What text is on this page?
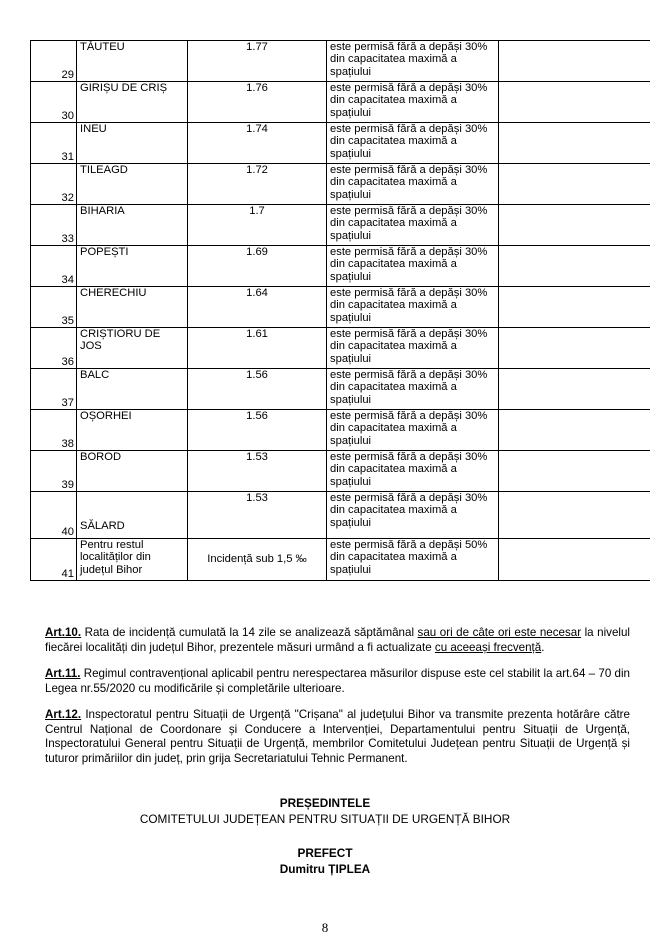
29	TĂUTEU	1.77	este permisă fără a depăși 30% din capacitatea maximă a spațiului	
30	GIRIȘU DE CRIȘ	1.76	este permisă fără a depăși 30% din capacitatea maximă a spațiului	
31	INEU	1.74	este permisă fără a depăși 30% din capacitatea maximă a spațiului	
32	TILEAGD	1.72	este permisă fără a depăși 30% din capacitatea maximă a spațiului	
33	BIHARIA	1.7	este permisă fără a depăși 30% din capacitatea maximă a spațiului	
34	POPEȘTI	1.69	este permisă fără a depăși 30% din capacitatea maximă a spațiului	
35	CHERECHIU	1.64	este permisă fără a depăși 30% din capacitatea maximă a spațiului	
36	CRIȘTIORU DE JOS	1.61	este permisă fără a depăși 30% din capacitatea maximă a spațiului	
37	BALC	1.56	este permisă fără a depăși 30% din capacitatea maximă a spațiului	
38	OȘORHEI	1.56	este permisă fără a depăși 30% din capacitatea maximă a spațiului	
39	BOROD	1.53	este permisă fără a depăși 30% din capacitatea maximă a spațiului	
40	SĂLARD	1.53	este permisă fără a depăși 30% din capacitatea maximă a spațiului	
41	Pentru restul localităților din județul Bihor	Incidență sub 1,5 ‰	este permisă fără a depăși 50% din capacitatea maximă a spațiului	
Art.10. Rata de incidență cumulată la 14 zile se analizează săptămânal sau ori de câte ori este necesar la nivelul fiecărei localități din județul Bihor, prezentele măsuri urmând a fi actualizate cu aceeași frecvență.
Art.11. Regimul contravențional aplicabil pentru nerespectarea măsurilor dispuse este cel stabilit la art.64 – 70 din Legea nr.55/2020 cu modificările și completările ulterioare.
Art.12. Inspectoratul pentru Situații de Urgență "Crișana" al județului Bihor va transmite prezenta hotărâre către Centrul Național de Coordonare și Conducere a Intervenției, Departamentului pentru Situații de Urgență, Inspectoratului General pentru Situații de Urgență, membrilor Comitetului Județean pentru Situații de Urgență și tuturor primăriilor din județ, prin grija Secretariatului Tehnic Permanent.
PREȘEDINTELE
COMITETULUI JUDEȚEAN PENTRU SITUAȚII DE URGENȚĂ BIHOR
PREFECT
Dumitru ȚIPLEA
8
